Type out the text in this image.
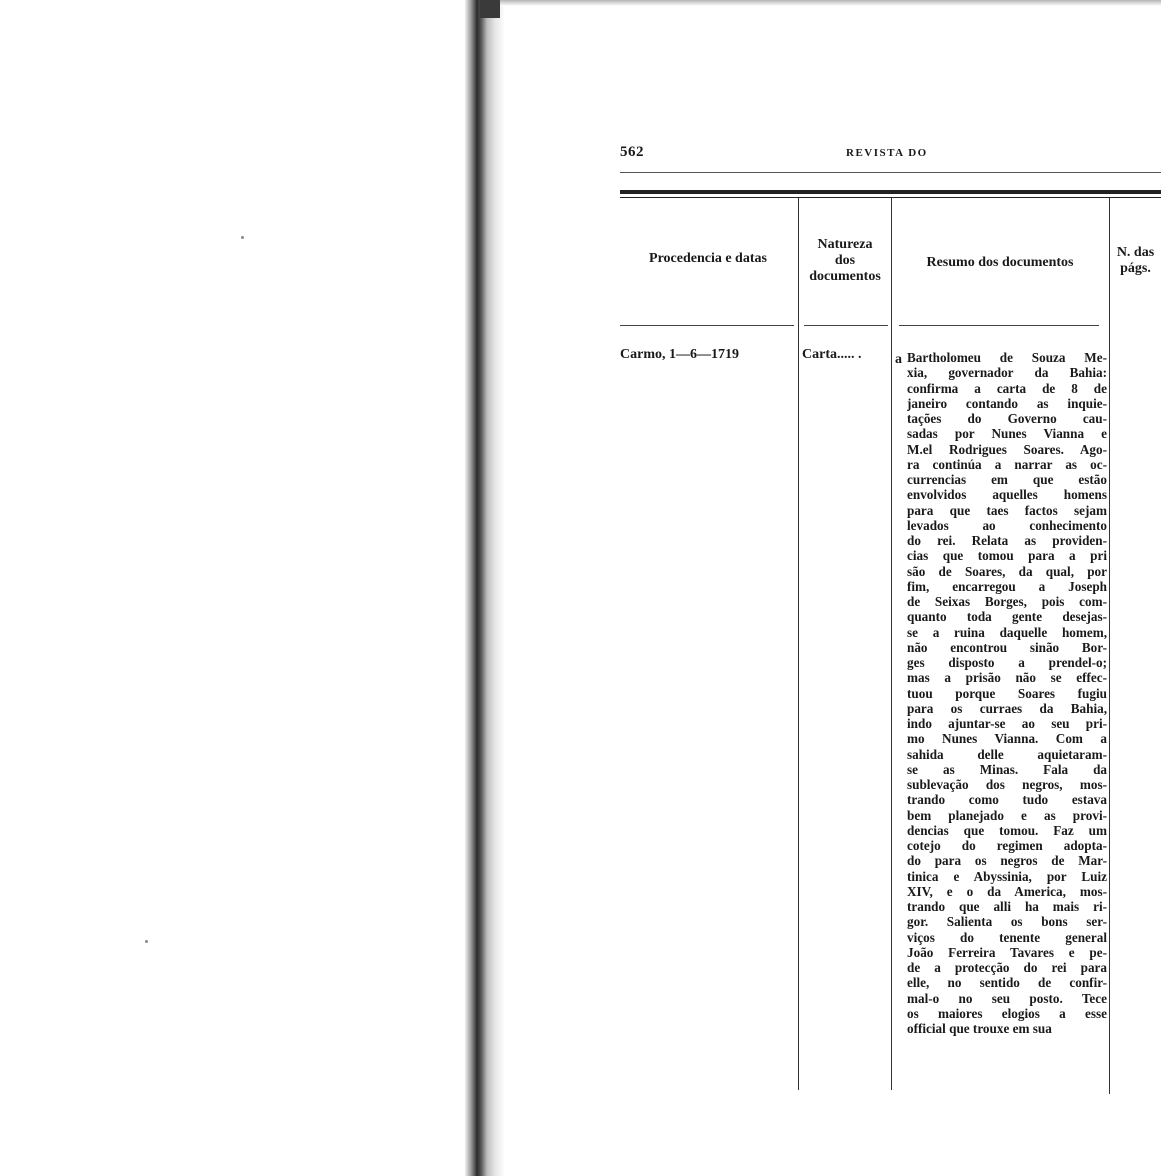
562	REVISTA DO
Procedencia e datas
Natureza
dos
documentos
Resumo dos documentos
N. das
págs.
Carmo, 1—6—1719	Carta..... . a Bartholomeu de Souza Me-
xia, governador da Bahia:
confirma a carta de 8 de
janeiro contando as inquie-
tações do Governo cau-
sadas por Nunes Vianna e
M.el Rodrigues Soares. Ago-
ra continúa a narrar as oc-
currencias em que estão
envolvidos aquelles homens
para que taes factos sejam
levados ao conhecimento
do rei. Relata as providen-
cias que tomou para a pri
são de Soares, da qual, por
fim, encarregou a Joseph
de Seixas Borges, pois com-
quanto toda gente desejas-
se a ruina daquelle homem,
não encontrou sinão Bor-
ges disposto a prendel-o;
mas a prisão não se effec-
tuou porque Soares fugiu
para os curraes da Bahia,
indo ajuntar-se ao seu pri-
mo Nunes Vianna. Com a
sahida delle aquietaram-
se as Minas. Fala da
sublevação dos negros, mos-
trando como tudo estava
bem planejado e as provi-
dencias que tomou. Faz um
cotejo do regimen adopta-
do para os negros de Mar-
tinica e Abyssinia, por Luiz
XIV, e o da America, mos-
trando que alli ha mais ri-
gor. Salienta os bons ser-
viços do tenente general
João Ferreira Tavares e pe-
de a protecção do rei para
elle, no sentido de confir-
mal-o no seu posto. Tece
os maiores elogios a esse
official que trouxe em sua
